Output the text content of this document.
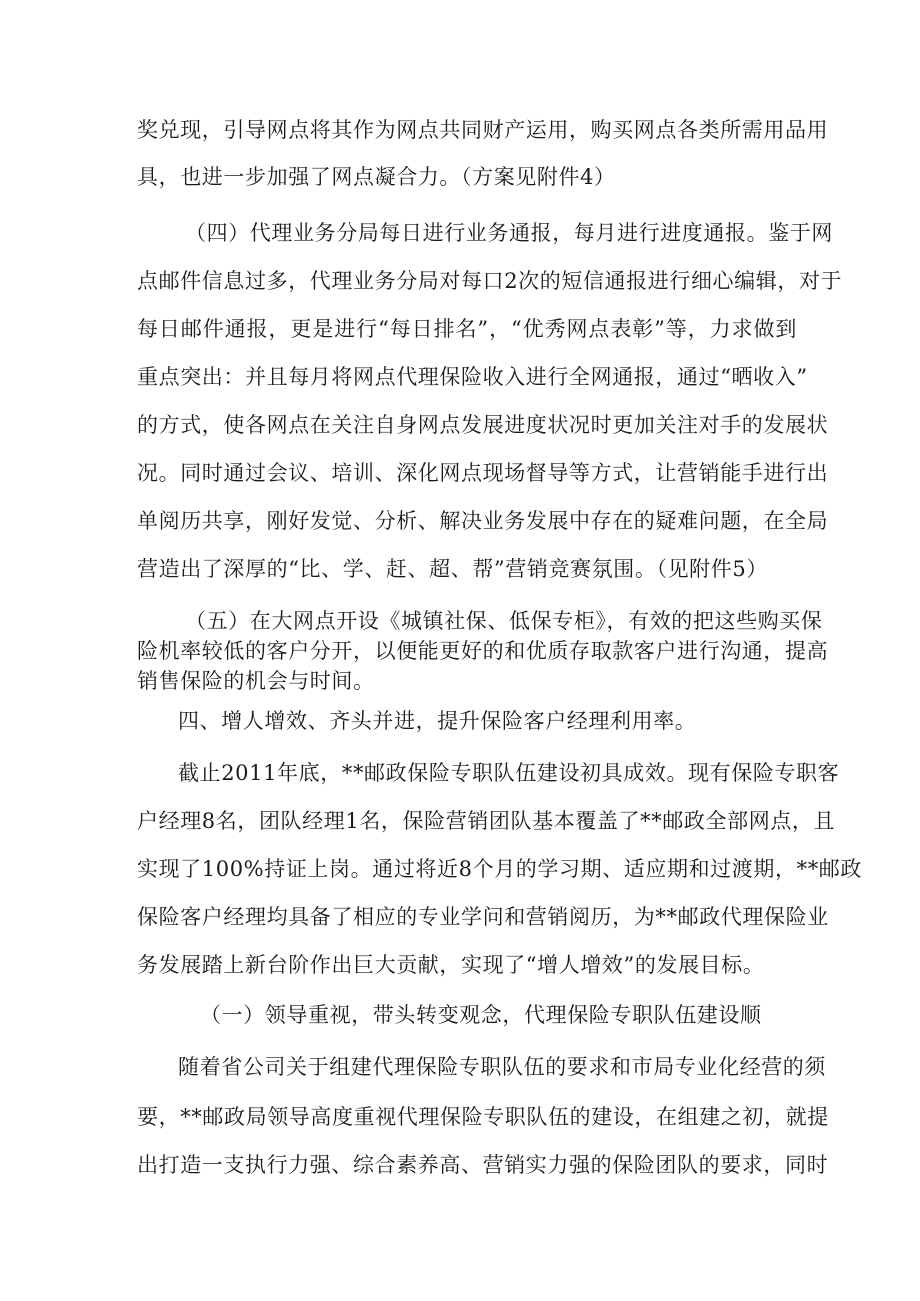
奖兑现，引导网点将其作为网点共同财产运用，购买网点各类所需用品用
具，也进一步加强了网点凝合力。（方案见附件4）
（四）代理业务分局每日进行业务通报，每月进行进度通报。鉴于网
点邮件信息过多，代理业务分局对每口2次的短信通报进行细心编辑，对于
每日邮件通报，更是进行“每日排名”，“优秀网点表彰”等，力求做到
重点突出：并且每月将网点代理保险收入进行全网通报，通过“晒收入”
的方式，使各网点在关注自身网点发展进度状况时更加关注对手的发展状
况。同时通过会议、培训、深化网点现场督导等方式，让营销能手进行出
单阅历共享，刚好发觉、分析、解决业务发展中存在的疑难问题，在全局
营造出了深厚的“比、学、赶、超、帮”营销竞赛氛围。（见附件5）
（五）在大网点开设《城镇社保、低保专柜》，有效的把这些购买保
险机率较低的客户分开，以便能更好的和优质存取款客户进行沟通，提高
销售保险的机会与时间。
四、增人增效、齐头并进，提升保险客户经理利用率。
截止2011年底，**邮政保险专职队伍建设初具成效。现有保险专职客
户经理8名，团队经理1名，保险营销团队基本覆盖了**邮政全部网点，且
实现了100%持证上岗。通过将近8个月的学习期、适应期和过渡期，**邮政
保险客户经理均具备了相应的专业学问和营销阅历，为**邮政代理保险业
务发展踏上新台阶作出巨大贡献，实现了“增人增效”的发展目标。
（一）领导重视，带头转变观念，代理保险专职队伍建设顺
随着省公司关于组建代理保险专职队伍的要求和市局专业化经营的须
要，**邮政局领导高度重视代理保险专职队伍的建设，在组建之初，就提
出打造一支执行力强、综合素养高、营销实力强的保险团队的要求，同时
